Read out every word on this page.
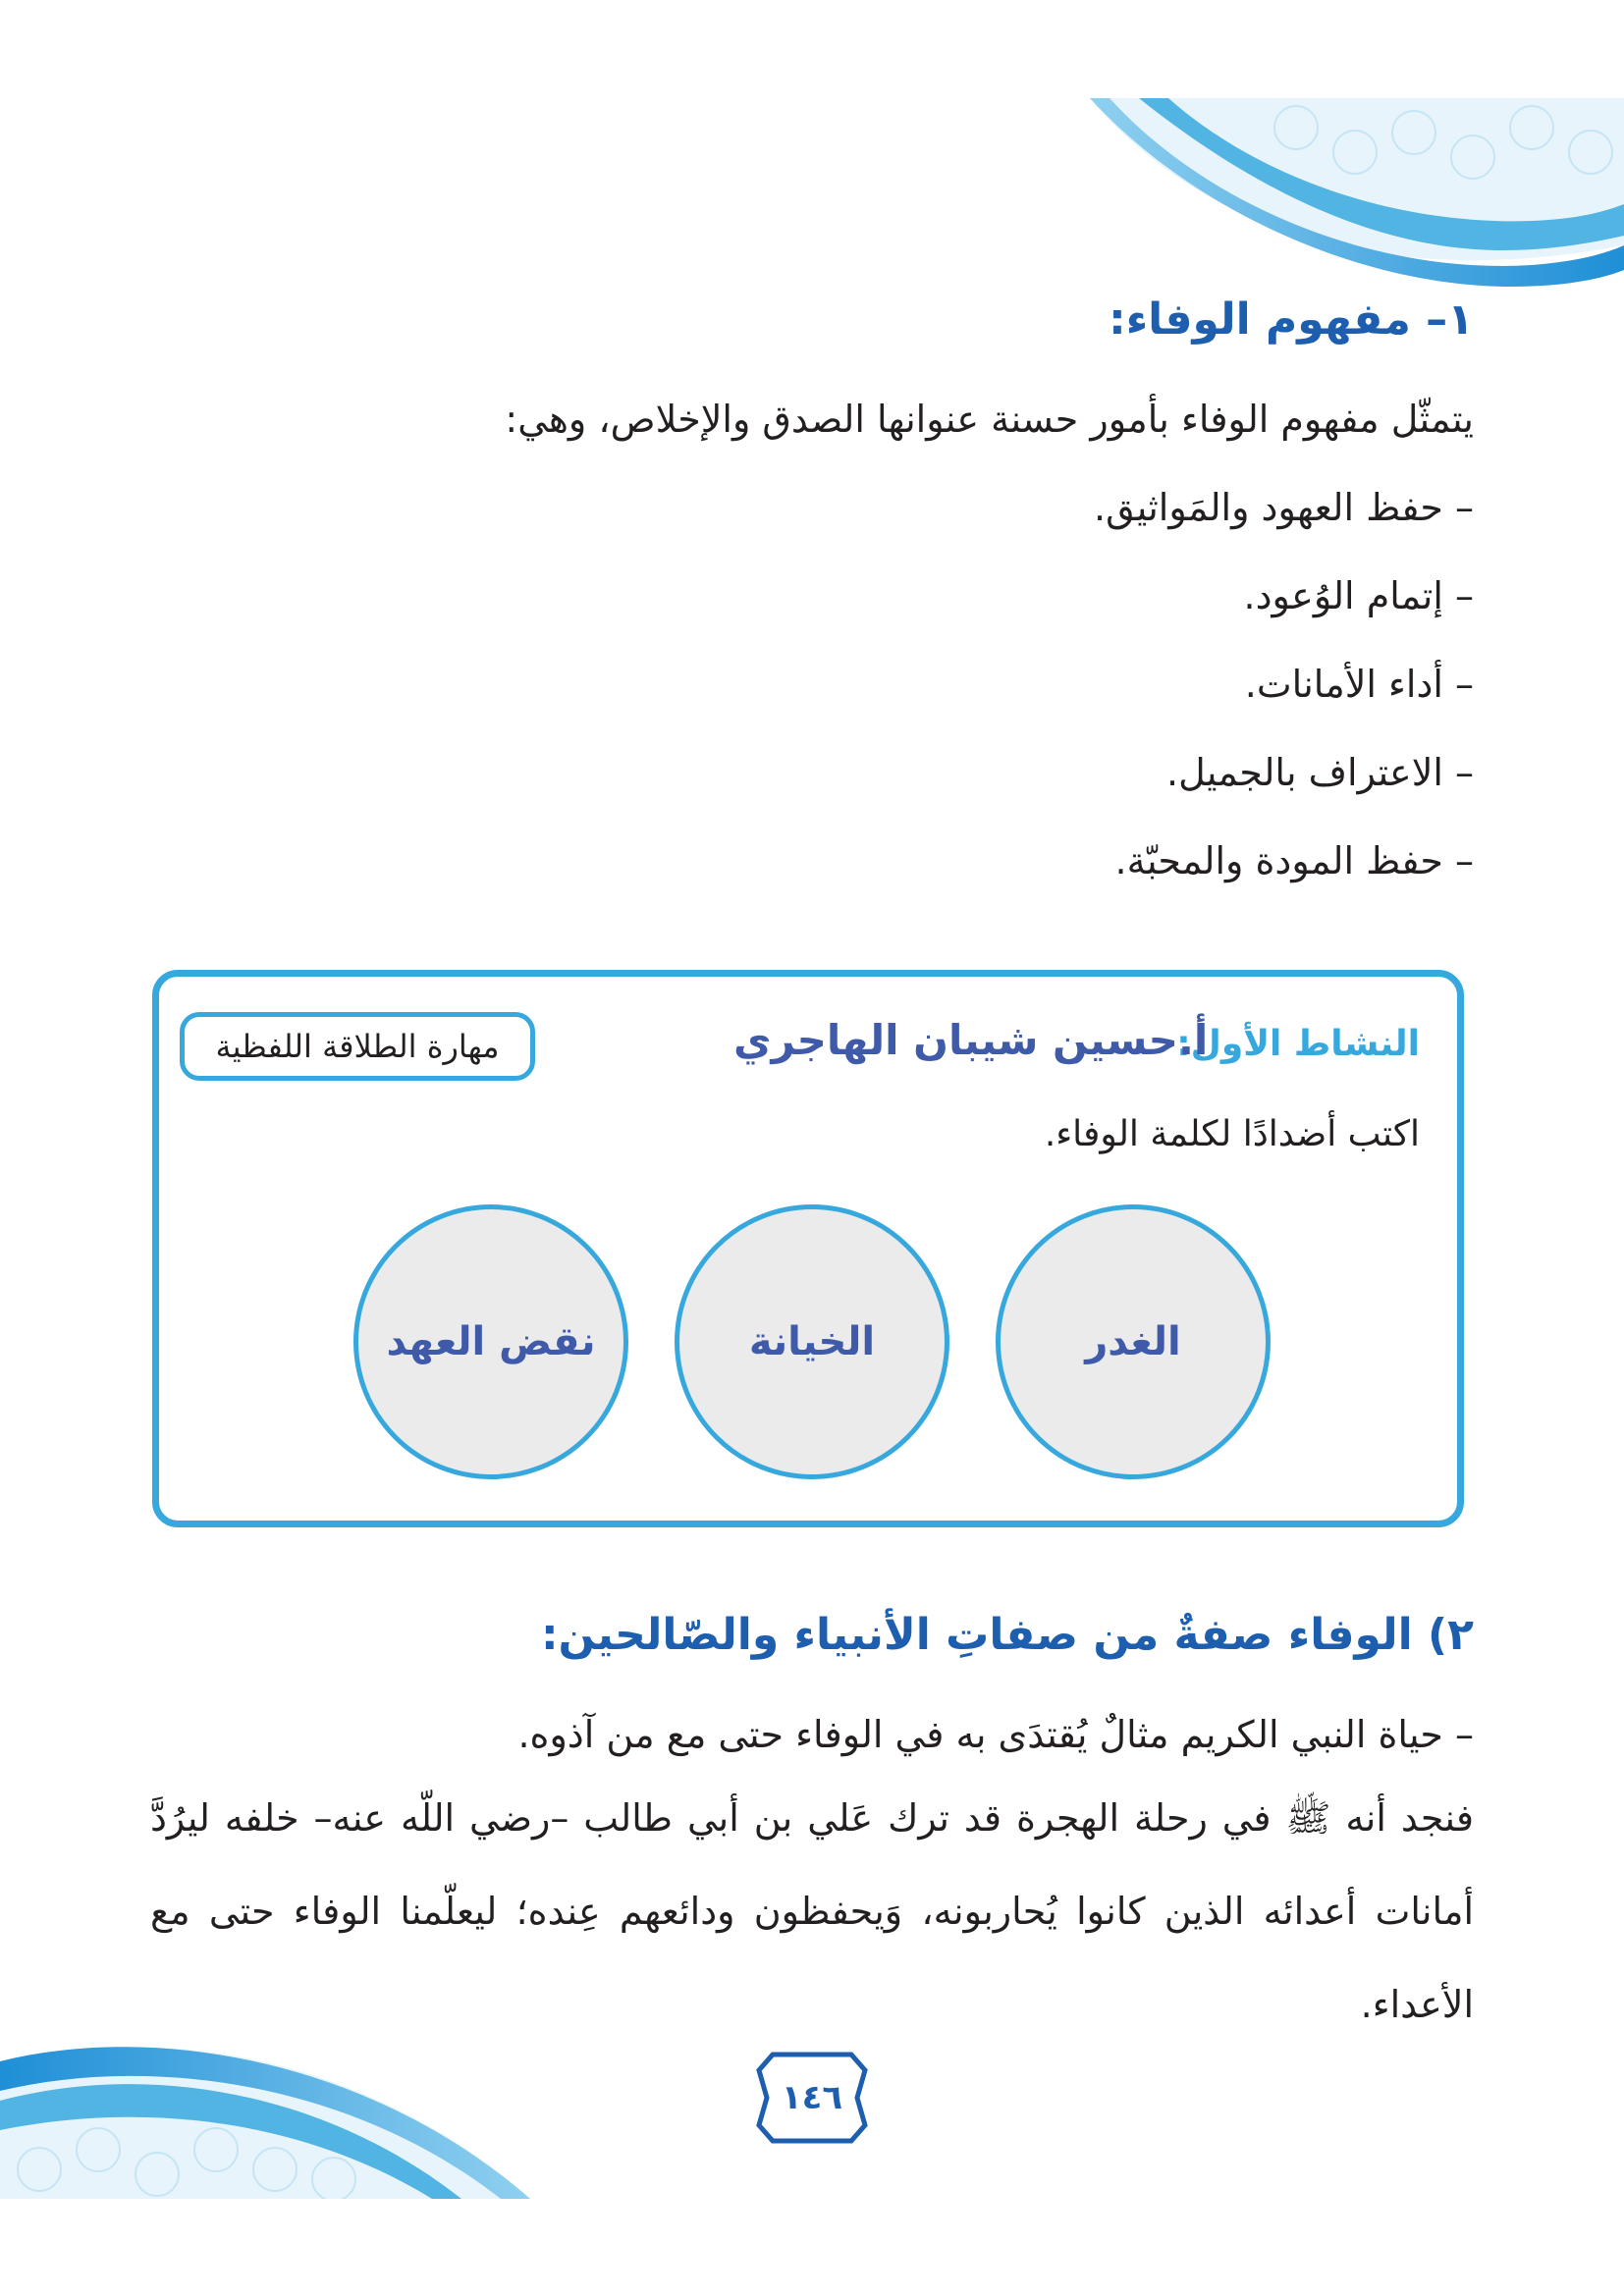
١– مفهوم الوفاء:
يتمثّل مفهوم الوفاء بأمور حسنة عنوانها الصدق والإخلاص، وهي:
– حفظ العهود والمَواثيق.
– إتمام الوُعود.
– أداء الأمانات.
– الاعتراف بالجميل.
– حفظ المودة والمحبّة.
النشاط الأول:
أ.حسين شيبان الهاجري
مهارة الطلاقة اللفظية
اكتب أضدادًا لكلمة الوفاء.
الغدر
الخيانة
نقض العهد
٢) الوفاء صفةٌ من صفاتِ الأنبياء والصّالحين:
– حياة النبي الكريم مثالٌ يُقتدَى به في الوفاء حتى مع من آذوه.
فنجد أنه ﷺ في رحلة الهجرة قد ترك عَلي بن أبي طالب –رضي اللّه عنه– خلفه ليرُدَّ أمانات أعدائه الذين كانوا يُحاربونه، وَيحفظون ودائعهم عِنده؛ ليعلّمنا الوفاء حتى مع الأعداء.
١٤٦
